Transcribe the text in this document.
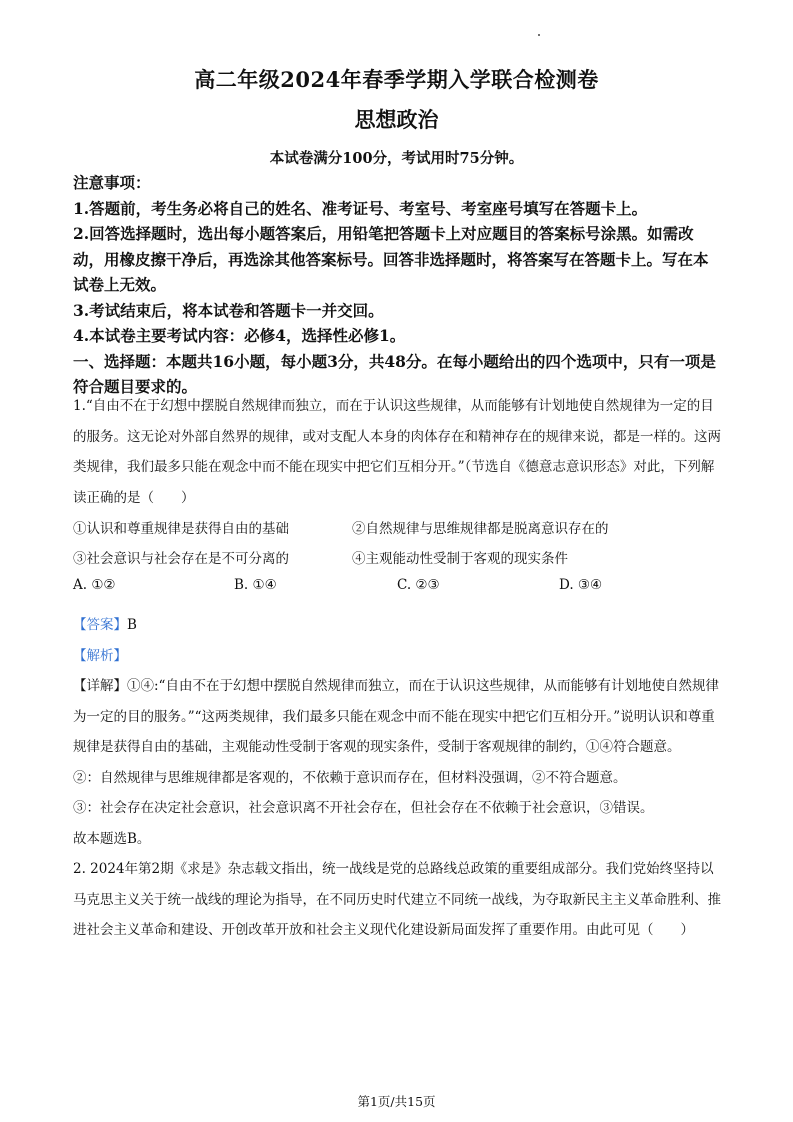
高二年级2024年春季学期入学联合检测卷
思想政治
本试卷满分100分，考试用时75分钟。

注意事项：

1.答题前，考生务必将自己的姓名、准考证号、考室号、考室座号填写在答题卡上。

2.回答选择题时，选出每小题答案后，用铅笔把答题卡上对应题目的答案标号涂黑。如需改动，用橡皮擦干净后，再选涂其他答案标号。回答非选择题时，将答案写在答题卡上。写在本试卷上无效。

3.考试结束后，将本试卷和答题卡一并交回。

4.本试卷主要考试内容：必修4，选择性必修1。

一、选择题：本题共16小题，每小题3分，共48分。在每小题给出的四个选项中，只有一项是符合题目要求的。

1.“自由不在于幻想中摆脱自然规律而独立，而在于认识这些规律，从而能够有计划地使自然规律为一定的目的服务。这无论对外部自然界的规律，或对支配人本身的肉体存在和精神存在的规律来说，都是一样的。这两类规律，我们最多只能在观念中而不能在现实中把它们互相分开。”（节选自《德意志意识形态》对此，下列解读正确的是（　　）

①认识和尊重规律是获得自由的基础	②自然规律与思维规律都是脱离意识存在的
③社会意识与社会存在是不可分离的	④主观能动性受制于客观的现实条件
A. ①②	B. ①④	C. ②③	D. ③④

【答案】B

【解析】

【详解】①④:“自由不在于幻想中摆脱自然规律而独立，而在于认识这些规律，从而能够有计划地使自然规律为一定的目的服务。”“这两类规律，我们最多只能在观念中而不能在现实中把它们互相分开。”说明认识和尊重规律是获得自由的基础，主观能动性受制于客观的现实条件，受制于客观规律的制约，①④符合题意。

②：自然规律与思维规律都是客观的，不依赖于意识而存在，但材料没强调，②不符合题意。

③：社会存在决定社会意识，社会意识离不开社会存在，但社会存在不依赖于社会意识，③错误。

故本题选B。

2. 2024年第2期《求是》杂志载文指出，统一战线是党的总路线总政策的重要组成部分。我们党始终坚持以马克思主义关于统一战线的理论为指导，在不同历史时代建立不同统一战线，为夺取新民主主义革命胜利、推进社会主义革命和建设、开创改革开放和社会主义现代化建设新局面发挥了重要作用。由此可见（　　）

第1页/共15页
